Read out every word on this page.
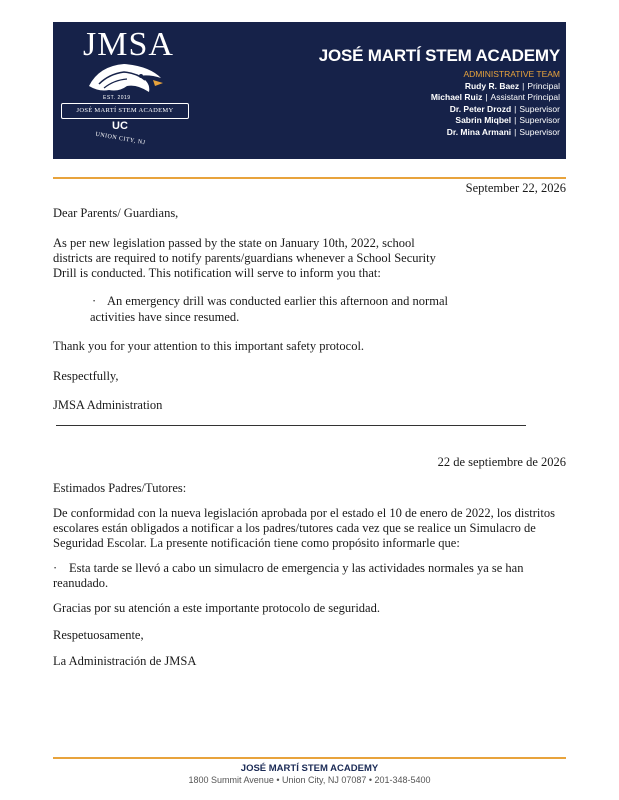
JMSA
EST. 2019
JOSÉ MARTÍ STEM ACADEMY
UC
UNION CITY, NJ
JOSÉ MARTÍ STEM ACADEMY
ADMINISTRATIVE TEAM
Rudy R. Baez | Principal
Michael Ruiz | Assistant Principal
Dr. Peter Drozd | Supervisor
Sabrin Miqbel | Supervisor
Dr. Mina Armani | Supervisor
September 22, 2026
Dear Parents/ Guardians,
As per new legislation passed by the state on January 10th, 2022, school
districts are required to notify parents/guardians whenever a School Security
Drill is conducted. This notification will serve to inform you that:
· An emergency drill was conducted earlier this afternoon and normal
activities have since resumed.
Thank you for your attention to this important safety protocol.
Respectfully,
JMSA Administration
22 de septiembre de 2026
Estimados Padres/Tutores:
De conformidad con la nueva legislación aprobada por el estado el 10 de enero de 2022, los distritos
escolares están obligados a notificar a los padres/tutores cada vez que se realice un Simulacro de
Seguridad Escolar. La presente notificación tiene como propósito informarle que:
· Esta tarde se llevó a cabo un simulacro de emergencia y las actividades normales ya se han
reanudado.
Gracias por su atención a este importante protocolo de seguridad.
Respetuosamente,
La Administración de JMSA
JOSÉ MARTÍ STEM ACADEMY
1800 Summit Avenue • Union City, NJ 07087 • 201-348-5400
